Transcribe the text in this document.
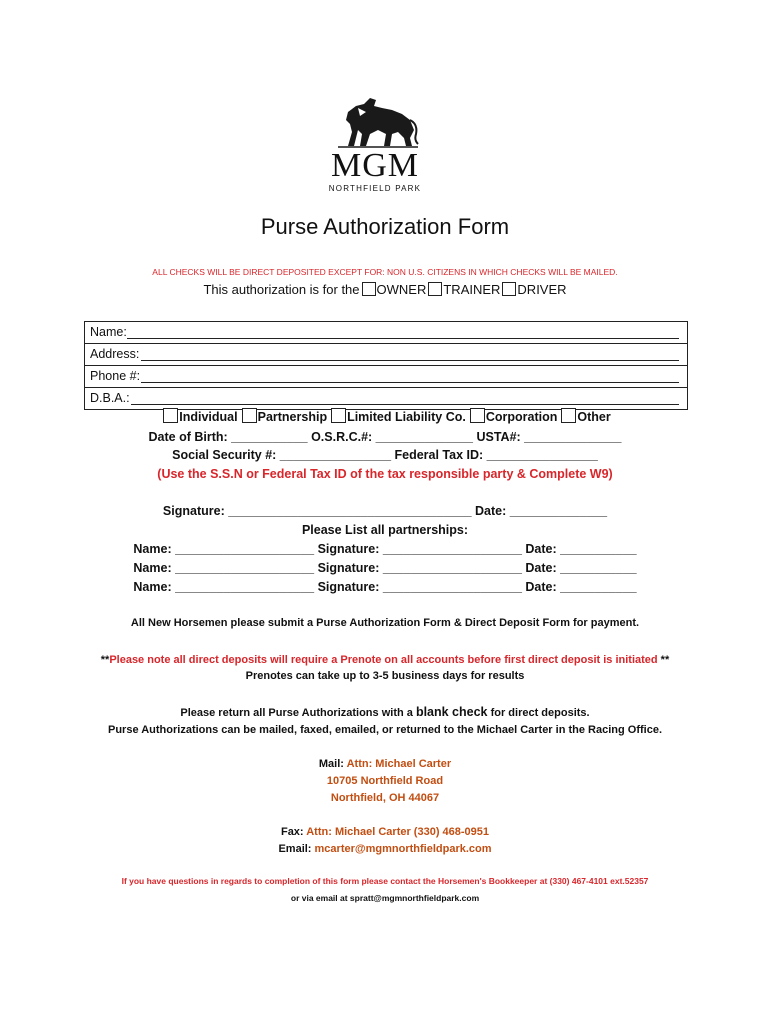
MGM
NORTHFIELD PARK
Purse Authorization Form
ALL CHECKS WILL BE DIRECT DEPOSITED EXCEPT FOR: NON U.S. CITIZENS IN WHICH CHECKS WILL BE MAILED.
This authorization is for the OWNER TRAINER DRIVER
Name:
Address:
Phone #:
D.B.A.:
Individual Partnership Limited Liability Co. Corporation Other
Date of Birth: ___________ O.S.R.C.#: ______________ USTA#: ______________
Social Security #: ________________ Federal Tax ID: ________________
(Use the S.S.N or Federal Tax ID of the tax responsible party & Complete W9)
Signature: ___________________________________ Date: ______________
Please List all partnerships:
Name: ____________________ Signature: ____________________ Date: ___________
Name: ____________________ Signature: ____________________ Date: ___________
Name: ____________________ Signature: ____________________ Date: ___________
All New Horsemen please submit a Purse Authorization Form & Direct Deposit Form for payment.
**Please note all direct deposits will require a Prenote on all accounts before first direct deposit is initiated **
Prenotes can take up to 3-5 business days for results
Please return all Purse Authorizations with a blank check for direct deposits.
Purse Authorizations can be mailed, faxed, emailed, or returned to the Michael Carter in the Racing Office.
Mail: Attn: Michael Carter
10705 Northfield Road
Northfield, OH 44067
Fax: Attn: Michael Carter (330) 468-0951
Email: mcarter@mgmnorthfieldpark.com
If you have questions in regards to completion of this form please contact the Horsemen's Bookkeeper at (330) 467-4101 ext.52357
or via email at spratt@mgmnorthfieldpark.com
